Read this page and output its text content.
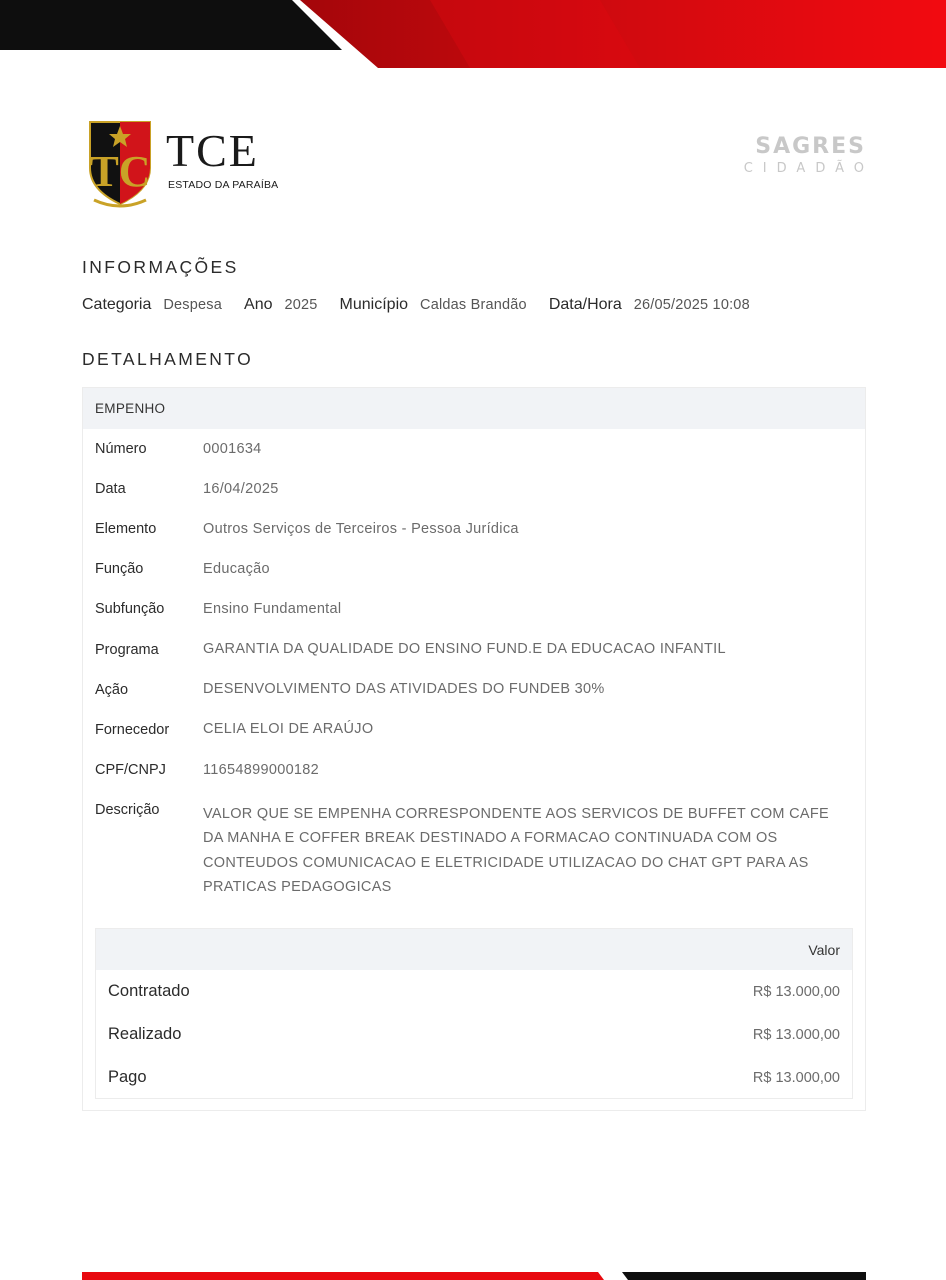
TC TCE
ESTADO DA PARAÍBA
SAGRES
CIDADÃO
INFORMAÇÕES
Categoria Despesa Ano 2025 Município Caldas Brandão Data/Hora 26/05/2025 10:08
DETALHAMENTO
EMPENHO
Número	0001634
Data	16/04/2025
Elemento	Outros Serviços de Terceiros - Pessoa Jurídica
Função	Educação
Subfunção	Ensino Fundamental
Programa	GARANTIA DA QUALIDADE DO ENSINO FUND.E DA EDUCACAO INFANTIL
Ação	DESENVOLVIMENTO DAS ATIVIDADES DO FUNDEB 30%
Fornecedor	CELIA ELOI DE ARAÚJO
CPF/CNPJ	11654899000182
Descrição	VALOR QUE SE EMPENHA CORRESPONDENTE AOS SERVICOS DE BUFFET COM CAFE DA MANHA E COFFER BREAK DESTINADO A FORMACAO CONTINUADA COM OS CONTEUDOS COMUNICACAO E ELETRICIDADE UTILIZACAO DO CHAT GPT PARA AS PRATICAS PEDAGOGICAS
Valor
Contratado	R$ 13.000,00
Realizado	R$ 13.000,00
Pago	R$ 13.000,00
